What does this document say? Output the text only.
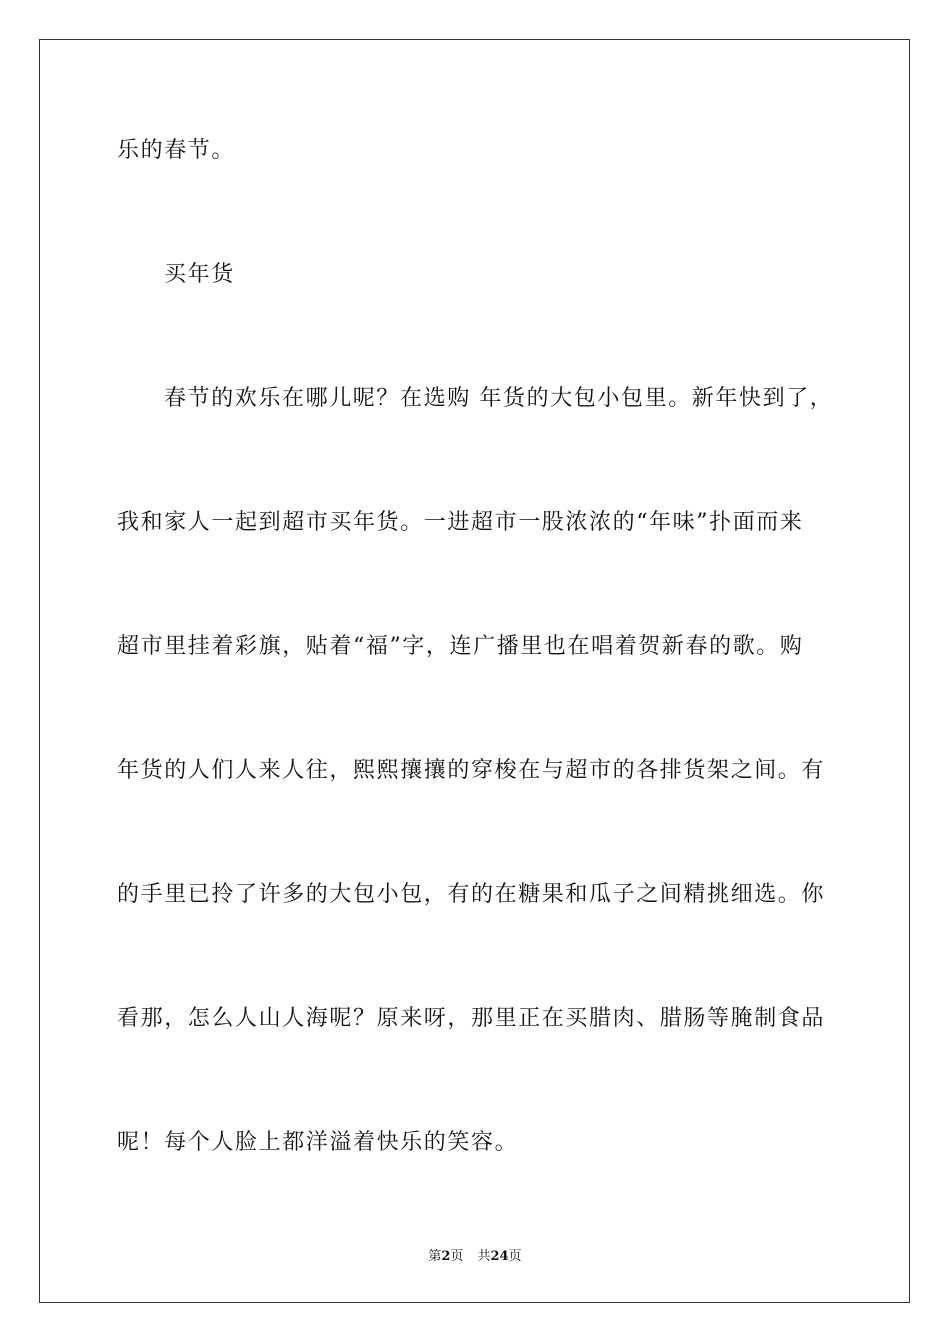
乐的春节。
买年货
春节的欢乐在哪儿呢？在选购 年货的大包小包里。新年快到了，
我和家人一起到超市买年货。一进超市一股浓浓的“年味”扑面而来
超市里挂着彩旗，贴着“福”字，连广播里也在唱着贺新春的歌。购
年货的人们人来人往，熙熙攘攘的穿梭在与超市的各排货架之间。有
的手里已拎了许多的大包小包，有的在糖果和瓜子之间精挑细选。你
看那，怎么人山人海呢？原来呀，那里正在买腊肉、腊肠等腌制食品
呢！每个人脸上都洋溢着快乐的笑容。
第2页 共24页
